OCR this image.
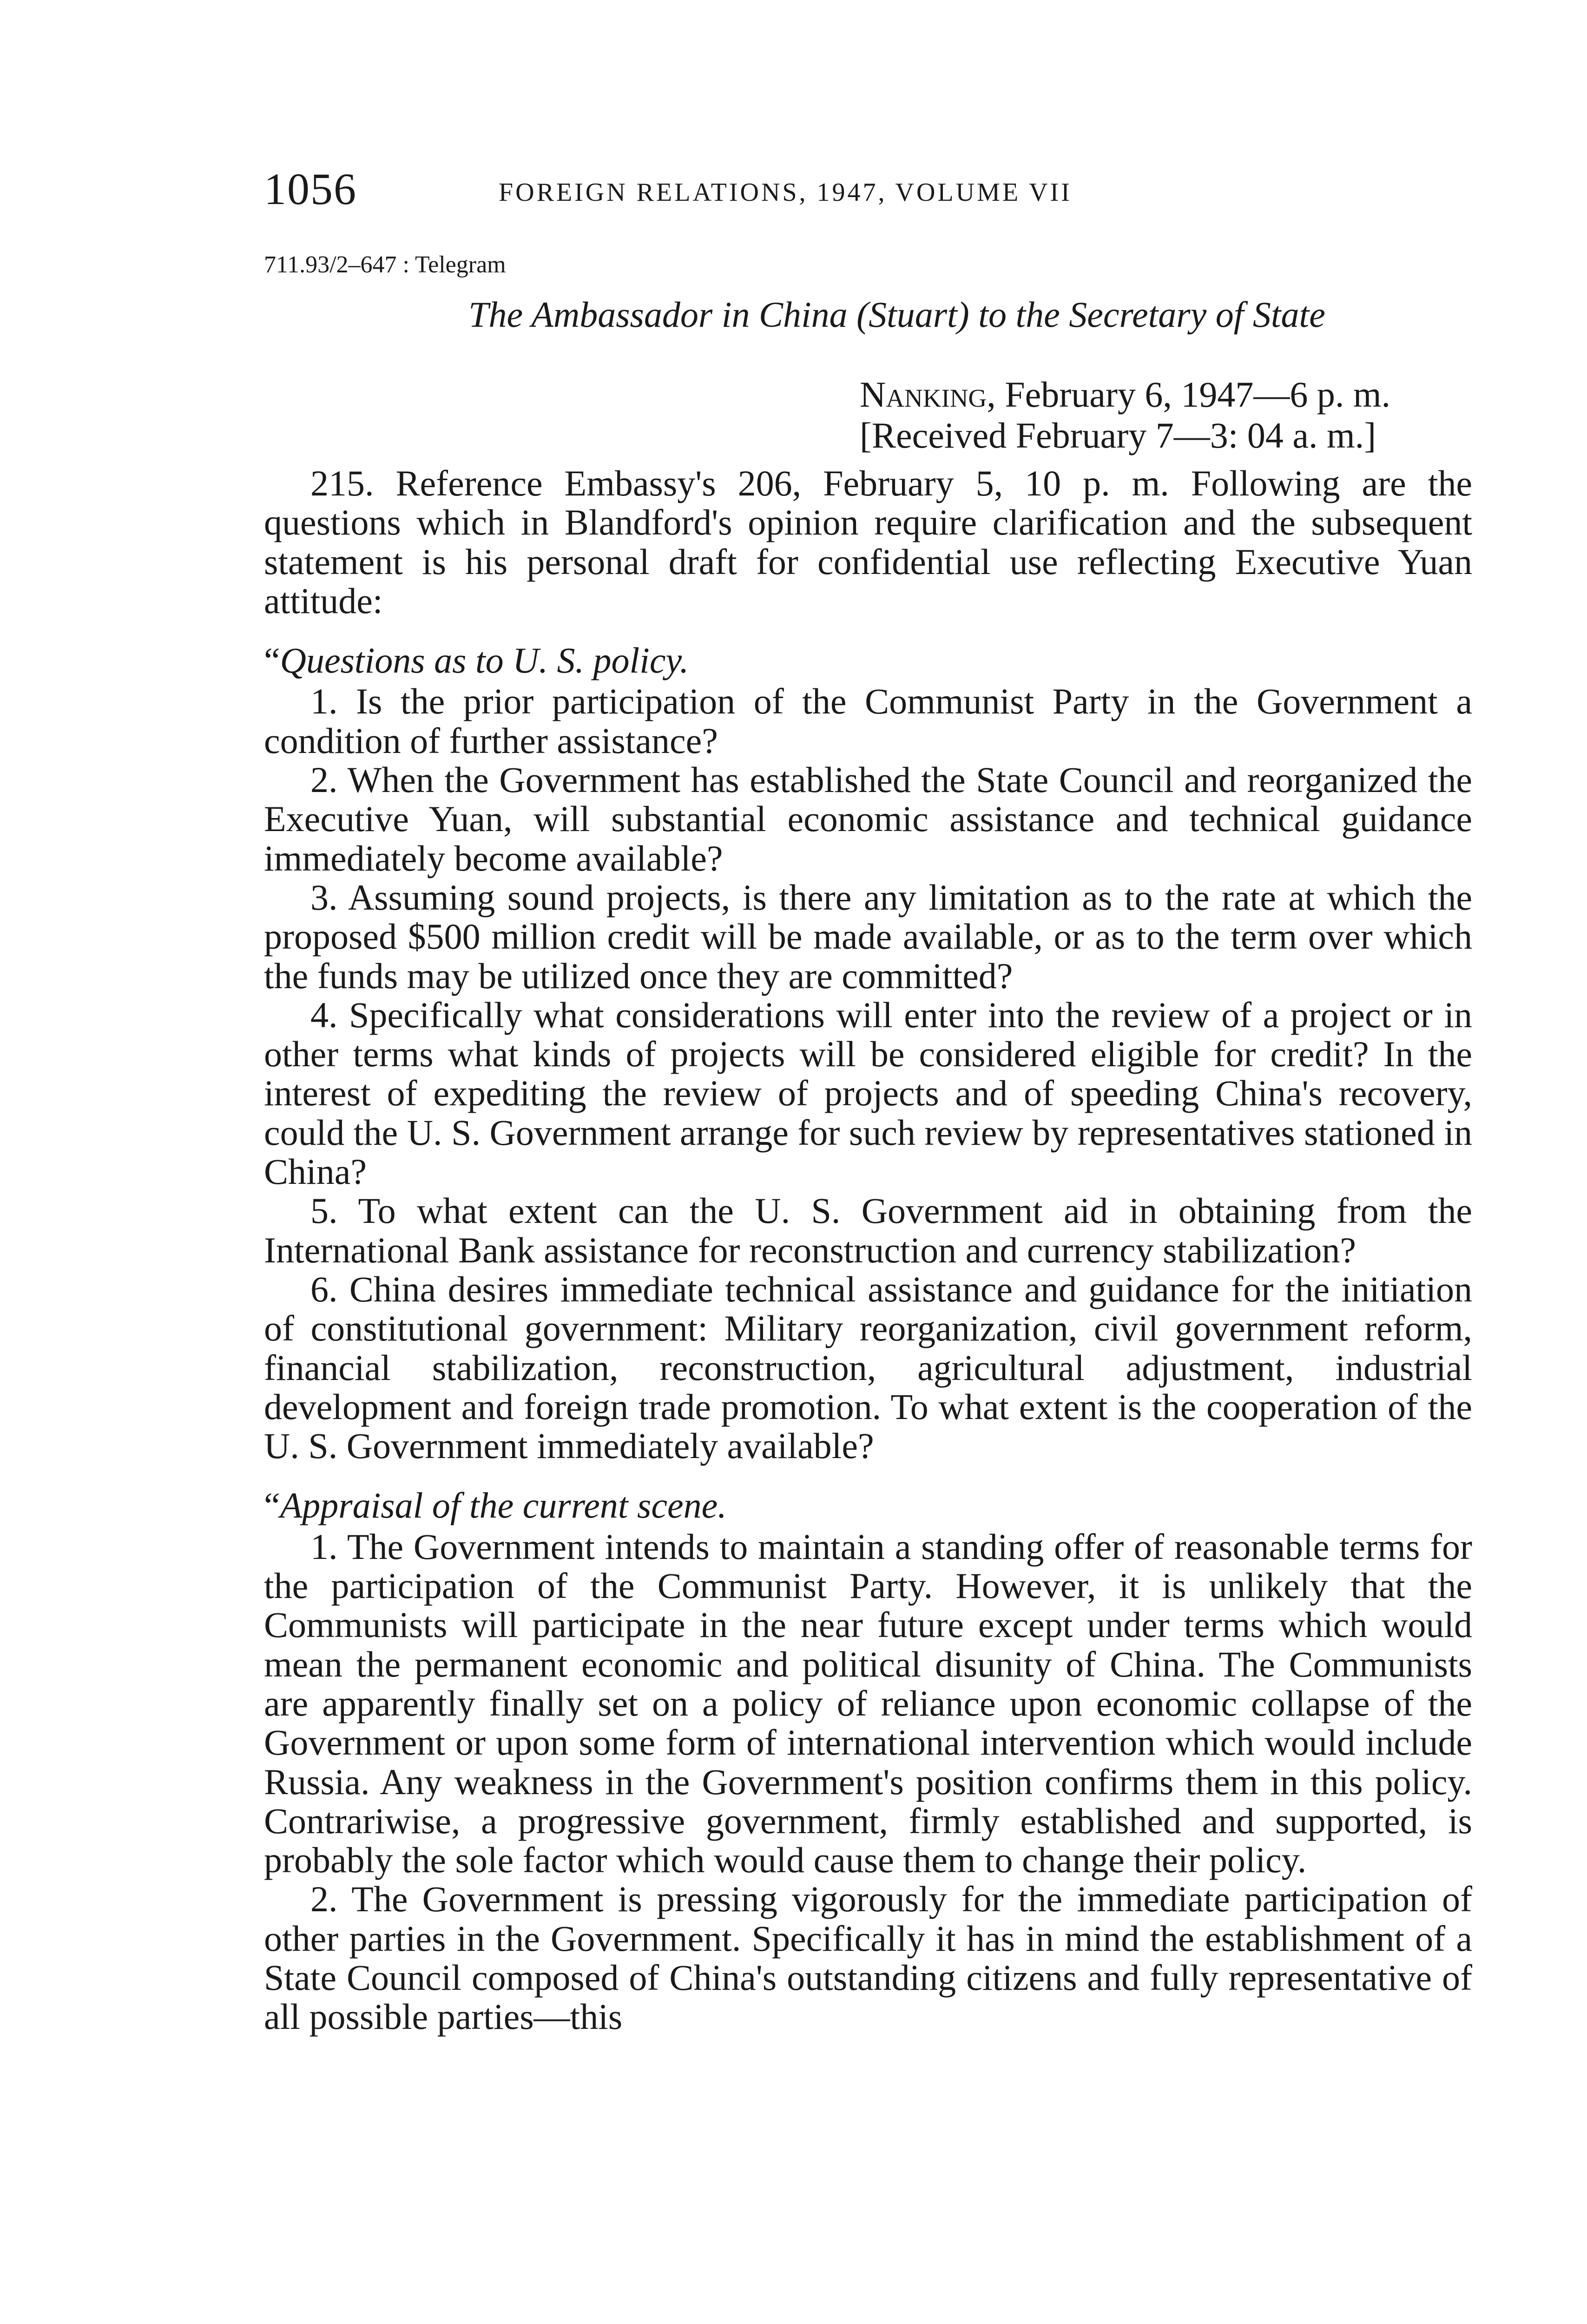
1056	FOREIGN RELATIONS, 1947, VOLUME VII
711.93/2–647 : Telegram
The Ambassador in China (Stuart) to the Secretary of State
Nanking, February 6, 1947—6 p. m.
[Received February 7—3: 04 a. m.]

215. Reference Embassy's 206, February 5, 10 p. m. Following are the questions which in Blandford's opinion require clarification and the subsequent statement is his personal draft for confidential use reflecting Executive Yuan attitude:

“Questions as to U. S. policy.

1. Is the prior participation of the Communist Party in the Government a condition of further assistance?

2. When the Government has established the State Council and reorganized the Executive Yuan, will substantial economic assistance and technical guidance immediately become available?

3. Assuming sound projects, is there any limitation as to the rate at which the proposed $500 million credit will be made available, or as to the term over which the funds may be utilized once they are committed?

4. Specifically what considerations will enter into the review of a project or in other terms what kinds of projects will be considered eligible for credit? In the interest of expediting the review of projects and of speeding China's recovery, could the U. S. Government arrange for such review by representatives stationed in China?

5. To what extent can the U. S. Government aid in obtaining from the International Bank assistance for reconstruction and currency stabilization?

6. China desires immediate technical assistance and guidance for the initiation of constitutional government: Military reorganization, civil government reform, financial stabilization, reconstruction, agricultural adjustment, industrial development and foreign trade promotion. To what extent is the cooperation of the U. S. Government immediately available?

“Appraisal of the current scene.

1. The Government intends to maintain a standing offer of reasonable terms for the participation of the Communist Party. However, it is unlikely that the Communists will participate in the near future except under terms which would mean the permanent economic and political disunity of China. The Communists are apparently finally set on a policy of reliance upon economic collapse of the Government or upon some form of international intervention which would include Russia. Any weakness in the Government's position confirms them in this policy. Contrariwise, a progressive government, firmly established and supported, is probably the sole factor which would cause them to change their policy.

2. The Government is pressing vigorously for the immediate participation of other parties in the Government. Specifically it has in mind the establishment of a State Council composed of China's outstanding citizens and fully representative of all possible parties—this
